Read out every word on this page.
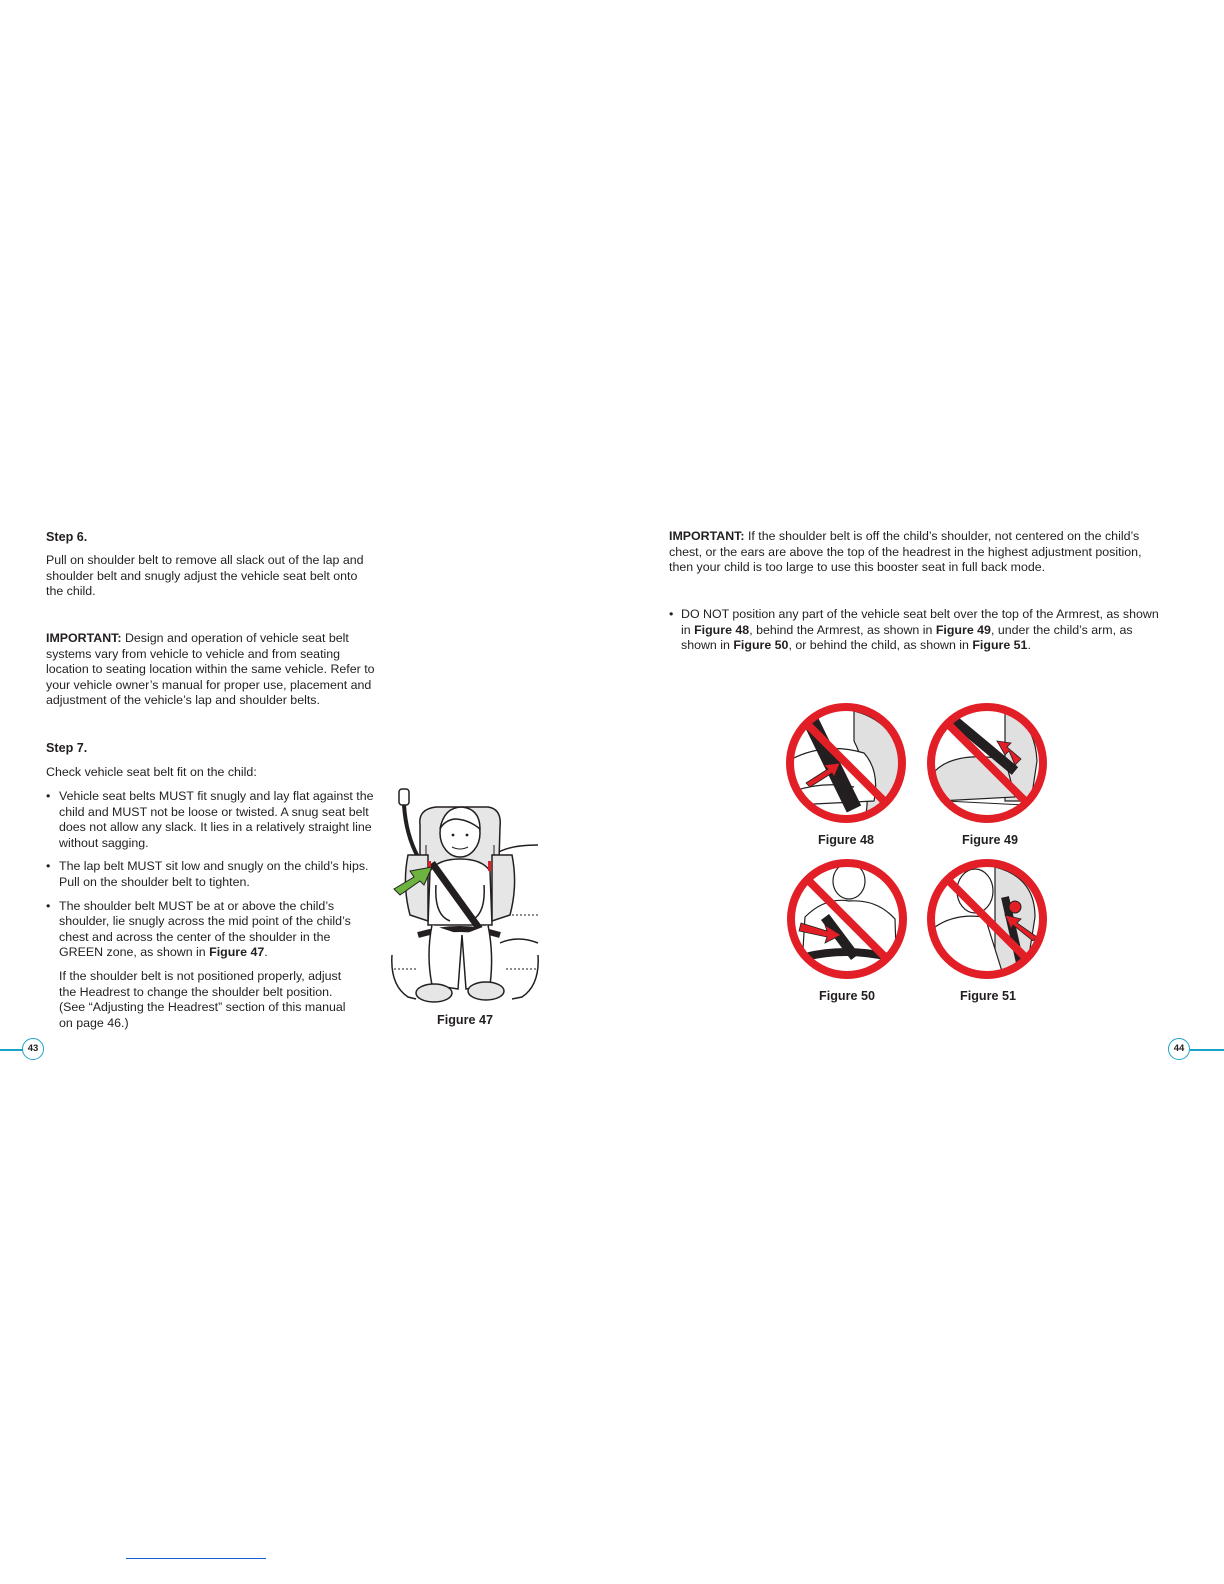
Step 6.

Pull on shoulder belt to remove all slack out of the lap and shoulder belt and snugly adjust the vehicle seat belt onto the child.

IMPORTANT: Design and operation of vehicle seat belt systems vary from vehicle to vehicle and from seating location to seating location within the same vehicle. Refer to your vehicle owner’s manual for proper use, placement and adjustment of the vehicle’s lap and shoulder belts.

Step 7.

Check vehicle seat belt fit on the child:

• Vehicle seat belts MUST fit snugly and lay flat against the child and MUST not be loose or twisted. A snug seat belt does not allow any slack. It lies in a relatively straight line without sagging.
• The lap belt MUST sit low and snugly on the child’s hips. Pull on the shoulder belt to tighten.
• The shoulder belt MUST be at or above the child’s shoulder, lie snugly across the mid point of the child’s chest and across the center of the shoulder in the GREEN zone, as shown in Figure 47.

If the shoulder belt is not positioned properly, adjust the Headrest to change the shoulder belt position. (See “Adjusting the Headrest” section of this manual on page 46.)	Figure 47

43

IMPORTANT: If the shoulder belt is off the child’s shoulder, not centered on the child’s chest, or the ears are above the top of the headrest in the highest adjustment position, then your child is too large to use this booster seat in full back mode.

• DO NOT position any part of the vehicle seat belt over the top of the Armrest, as shown in Figure 48, behind the Armrest, as shown in Figure 49, under the child’s arm, as shown in Figure 50, or behind the child, as shown in Figure 51.

Figure 48	Figure 49

Figure 50	Figure 51

44
